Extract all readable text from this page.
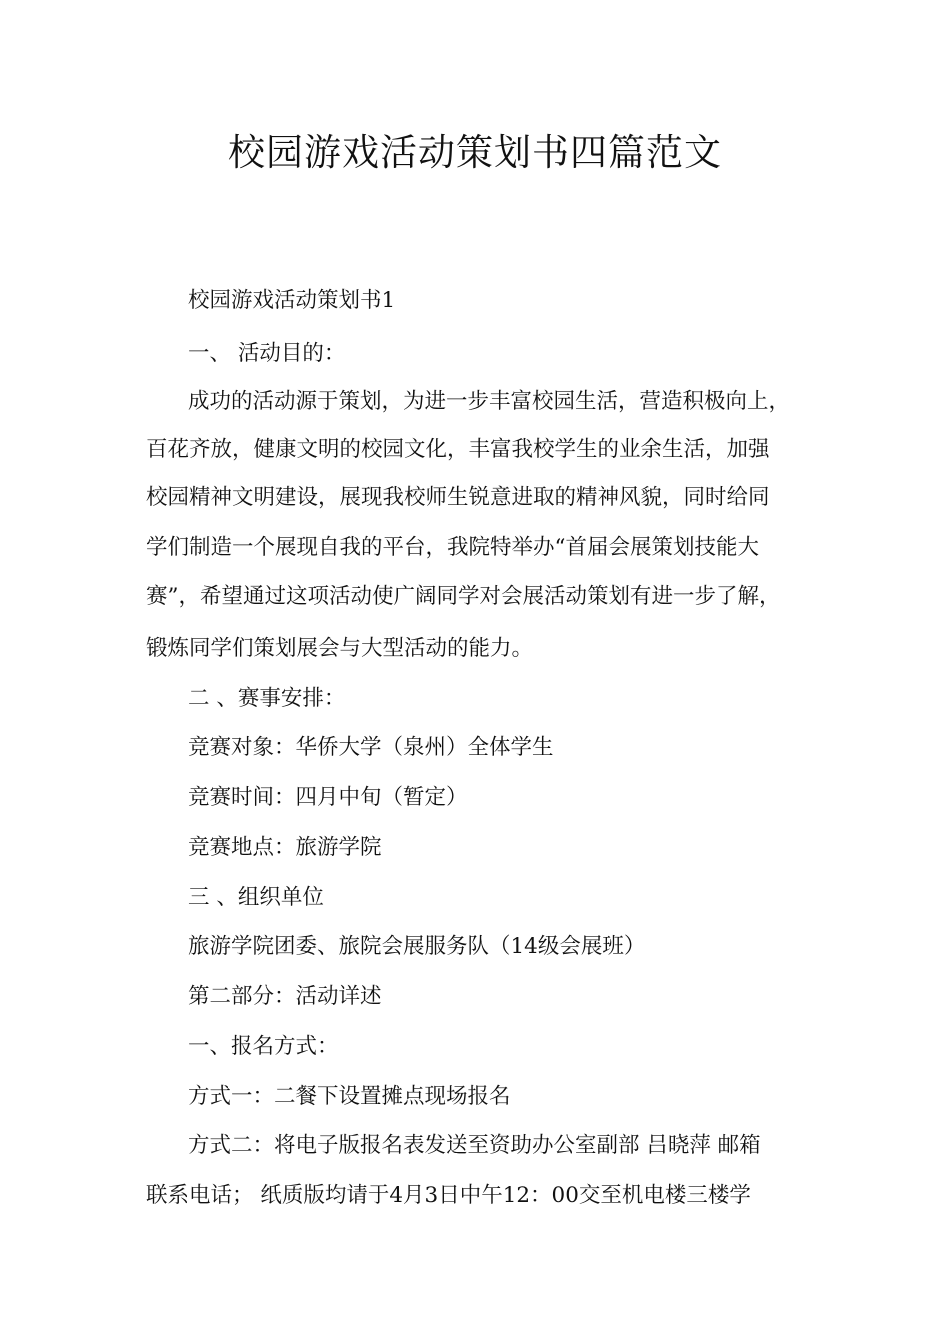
校园游戏活动策划书四篇范文
校园游戏活动策划书1
一、 活动目的：
成功的活动源于策划，为进一步丰富校园生活，营造积极向上，
百花齐放，健康文明的校园文化，丰富我校学生的业余生活，加强
校园精神文明建设，展现我校师生锐意进取的精神风貌，同时给同
学们制造一个展现自我的平台，我院特举办“首届会展策划技能大
赛”，希望通过这项活动使广阔同学对会展活动策划有进一步了解，
锻炼同学们策划展会与大型活动的能力。
二 、赛事安排：
竞赛对象：华侨大学（泉州）全体学生
竞赛时间：四月中旬（暂定）
竞赛地点：旅游学院
三 、组织单位
旅游学院团委、旅院会展服务队（14级会展班）
第二部分：活动详述
一、报名方式：
方式一：二餐下设置摊点现场报名
方式二：将电子版报名表发送至资助办公室副部 吕晓萍 邮箱
联系电话； 纸质版均请于4月3日中午12：00交至机电楼三楼学
